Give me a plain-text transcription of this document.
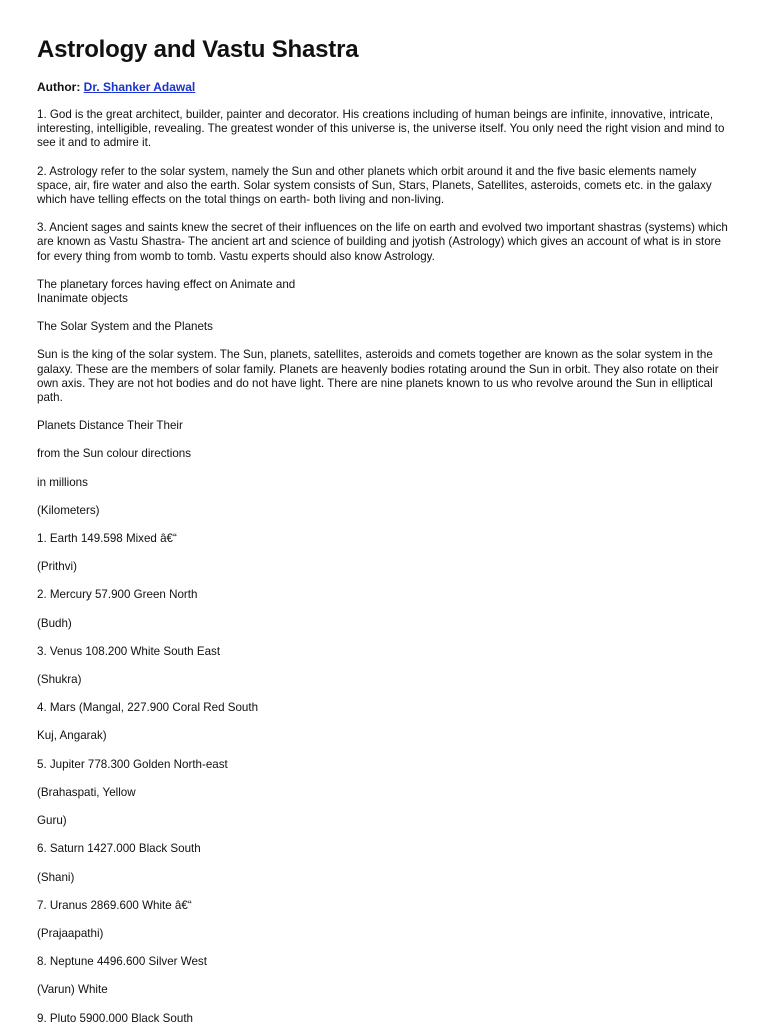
Astrology and Vastu Shastra
Author: Dr. Shanker Adawal
1. God is the great architect, builder, painter and decorator. His creations including of human beings are infinite, innovative, intricate, interesting, intelligible, revealing. The greatest wonder of this universe is, the universe itself. You only need the right vision and mind to see it and to admire it.
2. Astrology refer to the solar system, namely the Sun and other planets which orbit around it and the five basic elements namely space, air, fire water and also the earth. Solar system consists of Sun, Stars, Planets, Satellites, asteroids, comets etc. in the galaxy which have telling effects on the total things on earth- both living and non-living.
3. Ancient sages and saints knew the secret of their influences on the life on earth and evolved two important shastras (systems) which are known as Vastu Shastra- The ancient art and science of building and jyotish (Astrology) which gives an account of what is in store for every thing from womb to tomb. Vastu experts should also know Astrology.
The planetary forces having effect on Animate and
Inanimate objects
The Solar System and the Planets
Sun is the king of the solar system. The Sun, planets, satellites, asteroids and comets together are known as the solar system in the galaxy. These are the members of solar family. Planets are heavenly bodies rotating around the Sun in orbit. They also rotate on their own axis. They are not hot bodies and do not have light. There are nine planets known to us who revolve around the Sun in elliptical path.
Planets Distance Their Their
from the Sun colour directions
in millions
(Kilometers)
1. Earth 149.598 Mixed â€“
(Prithvi)
2. Mercury 57.900 Green North
(Budh)
3. Venus 108.200 White South East
(Shukra)
4. Mars (Mangal, 227.900 Coral Red South
Kuj, Angarak)
5. Jupiter 778.300 Golden North-east
(Brahaspati, Yellow
Guru)
6. Saturn 1427.000 Black South
(Shani)
7. Uranus 2869.600 White â€“
(Prajaapathi)
8. Neptune 4496.600 Silver West
(Varun) White
9. Pluto 5900.000 Black South
